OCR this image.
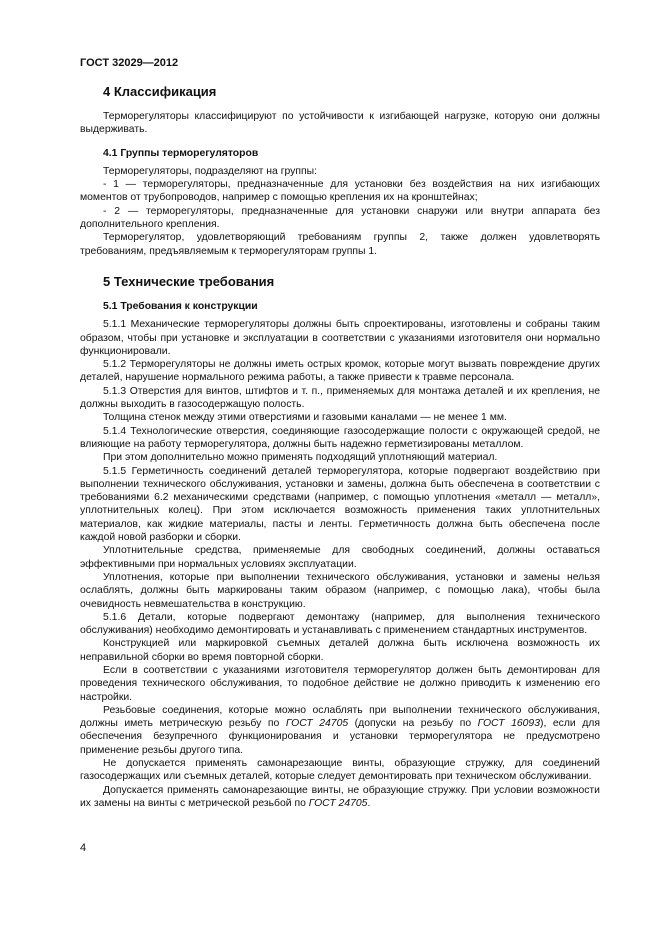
ГОСТ 32029—2012
4 Классификация

Терморегуляторы классифицируют по устойчивости к изгибающей нагрузке, которую они должны выдерживать.

4.1 Группы терморегуляторов

Терморегуляторы, подразделяют на группы:

- 1 — терморегуляторы, предназначенные для установки без воздействия на них изгибающих моментов от трубопроводов, например с помощью крепления их на кронштейнах;

- 2 — терморегуляторы, предназначенные для установки снаружи или внутри аппарата без дополнительного крепления.

Терморегулятор, удовлетворяющий требованиям группы 2, также должен удовлетворять требованиям, предъявляемым к терморегуляторам группы 1.

5 Технические требования
5.1 Требования к конструкции

5.1.1 Механические терморегуляторы должны быть спроектированы, изготовлены и собраны таким образом, чтобы при установке и эксплуатации в соответствии с указаниями изготовителя они нормально функционировали.

5.1.2 Терморегуляторы не должны иметь острых кромок, которые могут вызвать повреждение других деталей, нарушение нормального режима работы, а также привести к травме персонала.

5.1.3 Отверстия для винтов, штифтов и т. п., применяемых для монтажа деталей и их крепления, не должны выходить в газосодержащую полость.

Толщина стенок между этими отверстиями и газовыми каналами — не менее 1 мм.

5.1.4 Технологические отверстия, соединяющие газосодержащие полости с окружающей средой, не влияющие на работу терморегулятора, должны быть надежно герметизированы металлом.

При этом дополнительно можно применять подходящий уплотняющий материал.

5.1.5 Герметичность соединений деталей терморегулятора, которые подвергают воздействию при выполнении технического обслуживания, установки и замены, должна быть обеспечена в соответствии с требованиями 6.2 механическими средствами (например, с помощью уплотнения «металл — металл», уплотнительных колец). При этом исключается возможность применения таких уплотнительных материалов, как жидкие материалы, пасты и ленты. Герметичность должна быть обеспечена после каждой новой разборки и сборки.

Уплотнительные средства, применяемые для свободных соединений, должны оставаться эффективными при нормальных условиях эксплуатации.

Уплотнения, которые при выполнении технического обслуживания, установки и замены нельзя ослаблять, должны быть маркированы таким образом (например, с помощью лака), чтобы была очевидность невмешательства в конструкцию.

5.1.6 Детали, которые подвергают демонтажу (например, для выполнения технического обслуживания) необходимо демонтировать и устанавливать с применением стандартных инструментов.

Конструкцией или маркировкой съемных деталей должна быть исключена возможность их неправильной сборки во время повторной сборки.

Если в соответствии с указаниями изготовителя терморегулятор должен быть демонтирован для проведения технического обслуживания, то подобное действие не должно приводить к изменению его настройки.

Резьбовые соединения, которые можно ослаблять при выполнении технического обслуживания, должны иметь метрическую резьбу по ГОСТ 24705 (допуски на резьбу по ГОСТ 16093), если для обеспечения безупречного функционирования и установки терморегулятора не предусмотрено применение резьбы другого типа.

Не допускается применять самонарезающие винты, образующие стружку, для соединений газосодержащих или съемных деталей, которые следует демонтировать при техническом обслуживании.

Допускается применять самонарезающие винты, не образующие стружку. При условии возможности их замены на винты с метрической резьбой по ГОСТ 24705.

4
